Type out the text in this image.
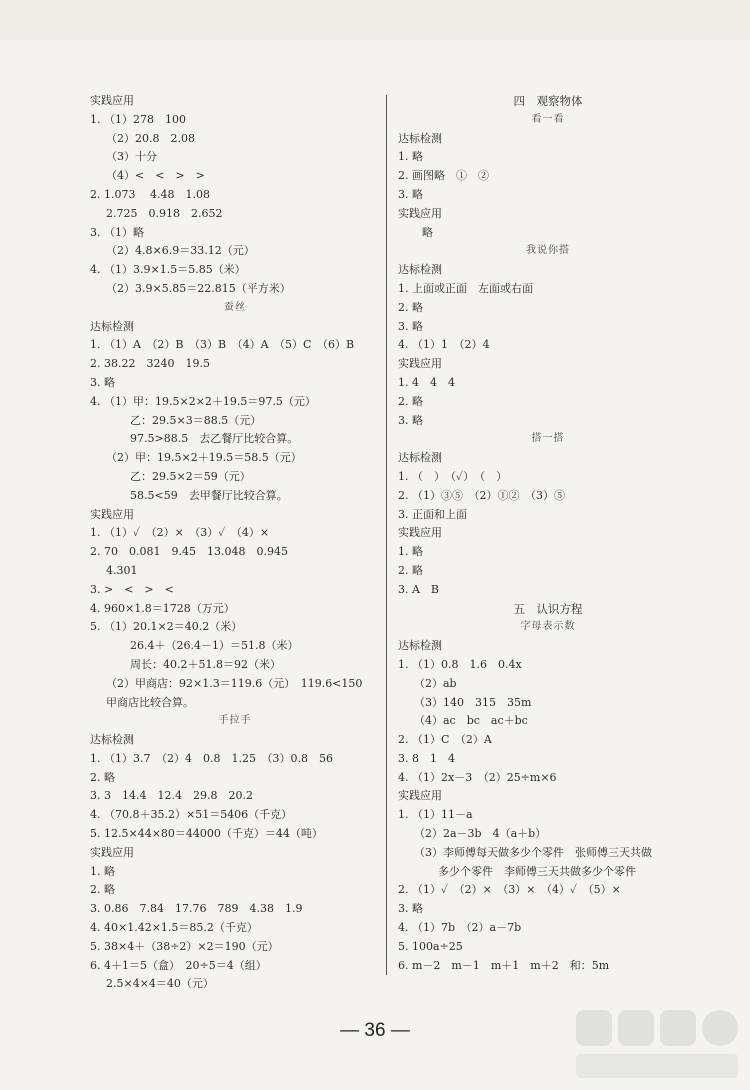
实践应用
1. （1）278　100
（2）20.8　2.08
（3）十分
（4）<　<　>　>
2. 1.073　 4.48　1.08
2.725　0.918　2.652
3. （1）略
（2）4.8×6.9＝33.12（元）
4. （1）3.9×1.5＝5.85（米）
（2）3.9×5.85＝22.815（平方米）
蚕丝
达标检测
1. （1）A　（2）B　（3）B　（4）A　（5）C　（6）B
2. 38.22　3240　19.5
3. 略
4. （1）甲：19.5×2×2＋19.5＝97.5（元）
乙：29.5×3＝88.5（元）
97.5>88.5　去乙餐厅比较合算。
（2）甲：19.5×2＋19.5＝58.5（元）
乙：29.5×2＝59（元）
58.5<59　去甲餐厅比较合算。
实践应用
1. （1）✓　（2）×　（3）✓　（4）×
2. 70　0.081　9.45　13.048　0.945
4.301
3. >　<　>　<
4. 960×1.8＝1728（万元）
5. （1）20.1×2＝40.2（米）
26.4＋（26.4－1）＝51.8（米）
周长：40.2＋51.8＝92（米）
（2）甲商店：92×1.3＝119.6（元）　119.6<150
甲商店比较合算。
手拉手
达标检测
1. （1）3.7　（2）4　0.8　1.25　（3）0.8　56
2. 略
3. 3　14.4　12.4　29.8　20.2
4. （70.8＋35.2）×51＝5406（千克）
5. 12.5×44×80＝44000（千克）＝44（吨）
实践应用
1. 略
2. 略
3. 0.86　7.84　17.76　789　4.38　1.9
4. 40×1.42×1.5＝85.2（千克）
5. 38×4＋（38÷2）×2＝190（元）
6. 4＋1＝5（盒）　20÷5＝4（组）
2.5×4×4＝40（元）
四　观察物体
看一看
达标检测
1. 略
2. 画图略　①　②
3. 略
实践应用
略
我说你搭
达标检测
1. 上面或正面　左面或右面
2. 略
3. 略
4. （1）1　（2）4
实践应用
1. 4　4　4
2. 略
3. 略
搭一搭
达标检测
1. （　）　（✓）　（　）
2. （1）③⑤　（2）①②　（3）⑤
3. 正面和上面
实践应用
1. 略
2. 略
3. A　B
五　认识方程
字母表示数
达标检测
1. （1）0.8　1.6　0.4x
（2）ab
（3）140　315　35m
（4）ac　bc　ac＋bc
2. （1）C　（2）A
3. 8　1　4
4. （1）2x－3　（2）25÷m×6
实践应用
1. （1）11－a
（2）2a－3b　4（a＋b）
（3）李师傅每天做多少个零件　张师傅三天共做
多少个零件　李师傅三天共做多少个零件
2. （1）✓　（2）×　（3）×　（4）✓　（5）×
3. 略
4. （1）7b　（2）a－7b
5. 100a÷25
6. m－2　m－1　m＋1　m＋2　和：5m
— 36 —
